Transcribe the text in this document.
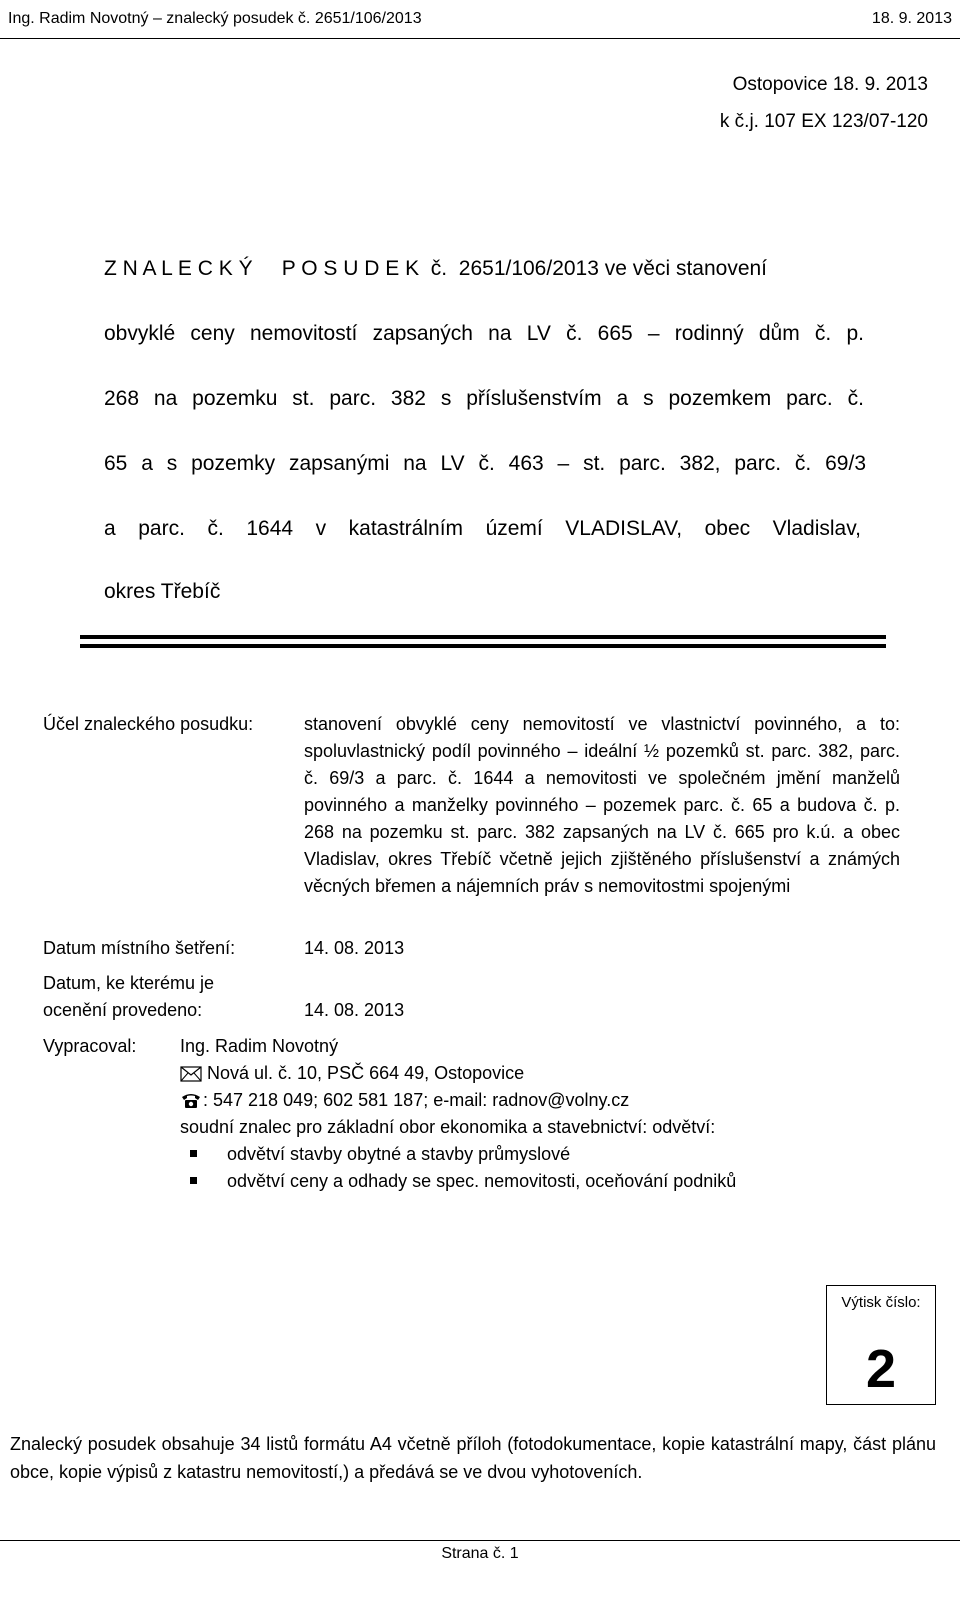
Ing. Radim Novotný – znalecký posudek č. 2651/106/2013	18. 9. 2013
Ostopovice 18. 9. 2013
k č.j. 107 EX 123/07-120
Z N A L E C K Ý     P O S U D E K  č.  2651/106/2013 ve věci stanovení
obvyklé ceny nemovitostí zapsaných na LV č. 665 – rodinný dům č. p.
268 na pozemku st. parc. 382 s příslušenstvím a s pozemkem parc. č.
65 a s pozemky zapsanými na LV č. 463 – st. parc. 382, parc. č. 69/3
a parc. č. 1644 v katastrálním území VLADISLAV, obec Vladislav,
okres Třebíč
Účel znaleckého posudku:	stanovení obvyklé ceny nemovitostí ve vlastnictví povinného, a to: spoluvlastnický podíl povinného – ideální ½ pozemků st. parc. 382, parc. č. 69/3 a parc. č. 1644 a nemovitosti ve společném jmění manželů povinného a manželky povinného – pozemek parc. č. 65 a budova č. p. 268 na pozemku st. parc. 382 zapsaných na LV č. 665 pro k.ú. a obec Vladislav, okres Třebíč včetně jejich zjištěného příslušenství a známých věcných břemen a nájemních práv s nemovitostmi spojenými
Datum místního šetření:	14. 08. 2013
Datum, ke kterému je
ocenění provedeno:	14. 08. 2013
Vypracoval: Ing. Radim Novotný
Nová ul. č. 10, PSČ 664 49, Ostopovice
: 547 218 049; 602 581 187; e-mail: radnov@volny.cz
soudní znalec pro základní obor ekonomika a stavebnictví: odvětví:
odvětví stavby obytné a stavby průmyslové
odvětví ceny a odhady se spec. nemovitosti, oceňování podniků
Výtisk číslo:
2
Znalecký posudek obsahuje 34 listů formátu A4 včetně příloh (fotodokumentace, kopie katastrální mapy, část plánu obce, kopie výpisů z katastru nemovitostí,) a předává se ve dvou vyhotoveních.
Strana č. 1
